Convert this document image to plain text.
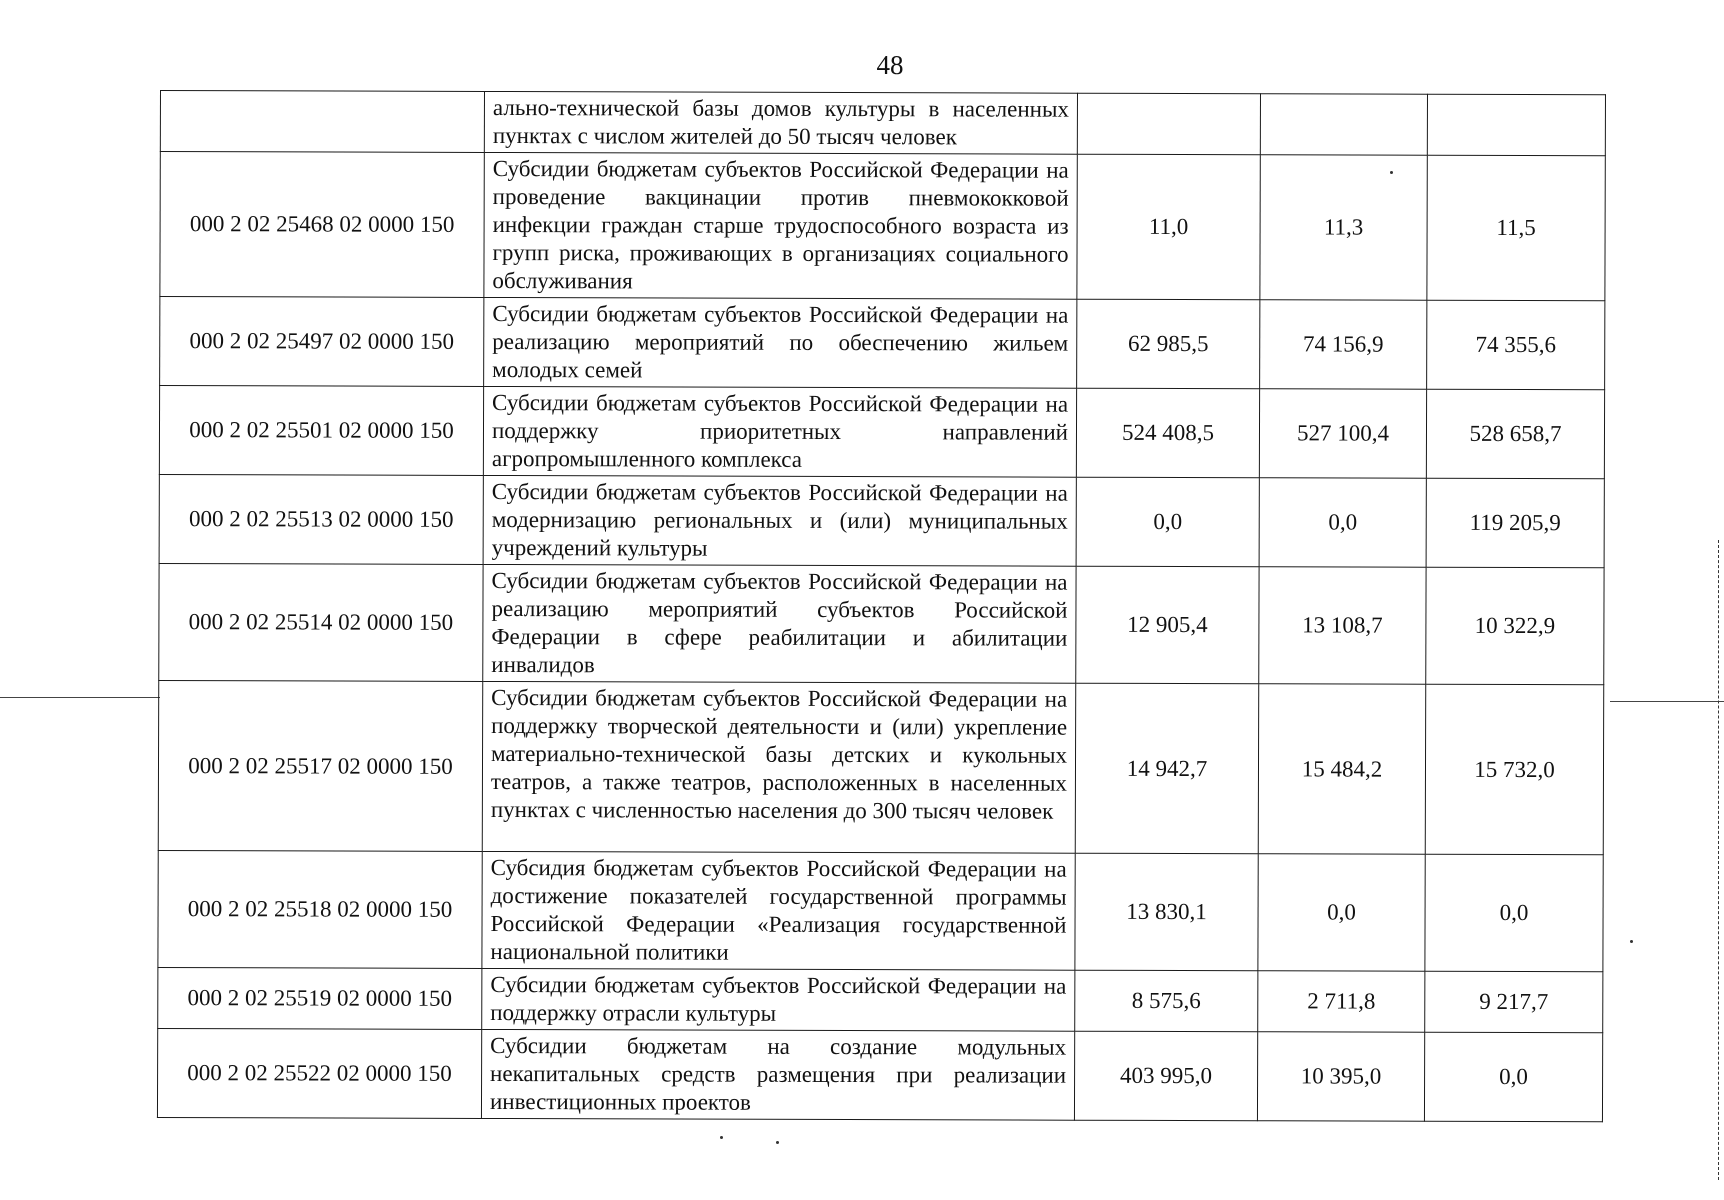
48
	ально-технической базы домов культуры в населенных пунктах с числом жителей до 50 тысяч человек			
000 2 02 25468 02 0000 150	Субсидии бюджетам субъектов Российской Федерации на проведение вакцинации против пневмококковой инфекции граждан старше трудоспособного возраста из групп риска, проживающих в организациях социального обслуживания	11,0	11,3	11,5
000 2 02 25497 02 0000 150	Субсидии бюджетам субъектов Российской Федерации на реализацию мероприятий по обеспечению жильем молодых семей	62 985,5	74 156,9	74 355,6
000 2 02 25501 02 0000 150	Субсидии бюджетам субъектов Российской Федерации на поддержку приоритетных направлений агропромышленного комплекса	524 408,5	527 100,4	528 658,7
000 2 02 25513 02 0000 150	Субсидии бюджетам субъектов Российской Федерации на модернизацию региональных и (или) муниципальных учреждений культуры	0,0	0,0	119 205,9
000 2 02 25514 02 0000 150	Субсидии бюджетам субъектов Российской Федерации на реализацию мероприятий субъектов Российской Федерации в сфере реабилитации и абилитации инвалидов	12 905,4	13 108,7	10 322,9
000 2 02 25517 02 0000 150	Субсидии бюджетам субъектов Российской Федерации на поддержку творческой деятельности и (или) укрепление материально-технической базы детских и кукольных театров, а также театров, расположенных в населенных пунктах с численностью населения до 300 тысяч человек	14 942,7	15 484,2	15 732,0
000 2 02 25518 02 0000 150	Субсидия бюджетам субъектов Российской Федерации на достижение показателей государственной программы Российской Федерации «Реализация государственной национальной политики	13 830,1	0,0	0,0
000 2 02 25519 02 0000 150	Субсидии бюджетам субъектов Российской Федерации на поддержку отрасли культуры	8 575,6	2 711,8	9 217,7
000 2 02 25522 02 0000 150	Субсидии бюджетам на создание модульных некапитальных средств размещения при реализации инвестиционных проектов	403 995,0	10 395,0	0,0
